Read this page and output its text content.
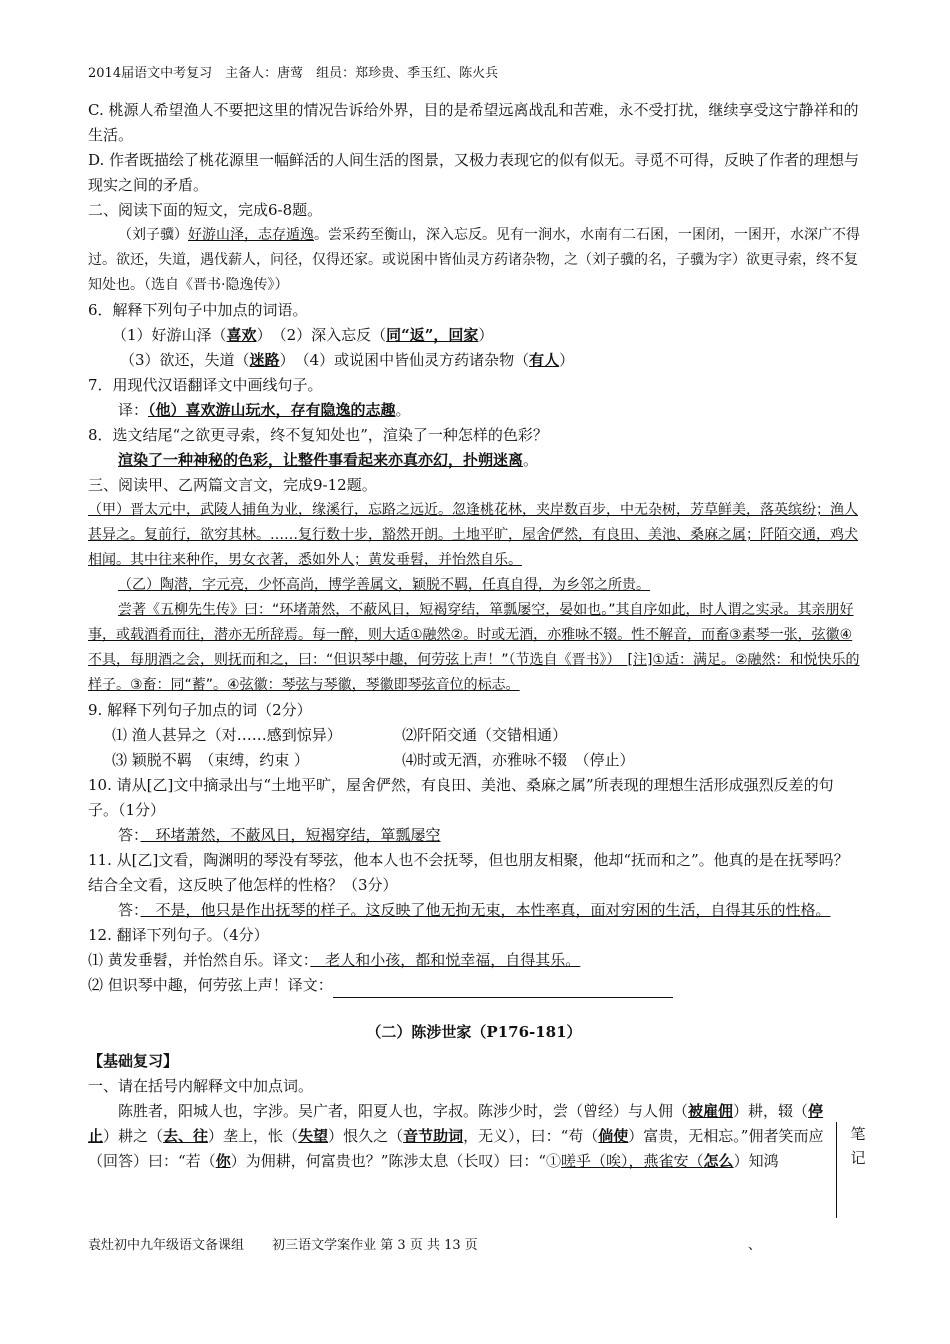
2014届语文中考复习　主备人：唐莺　组员：郑珍贵、季玉红、陈火兵

C. 桃源人希望渔人不要把这里的情况告诉给外界，目的是希望远离战乱和苦难，永不受打扰，继续享受这宁静祥和的生活。

D. 作者既描绘了桃花源里一幅鲜活的人间生活的图景，又极力表现它的似有似无。寻觅不可得，反映了作者的理想与现实之间的矛盾。

二、阅读下面的短文，完成6-8题。

（刘子骥）好游山泽，志存遁逸。尝采药至衡山，深入忘反。见有一涧水，水南有二石囷，一囷闭，一囷开，水深广不得过。欲还，失道，遇伐薪人，问径，仅得还家。或说囷中皆仙灵方药诸杂物，之（刘子骥的名，子骥为字）欲更寻索，终不复知处也。（选自《晋书·隐逸传》）

6．解释下列句子中加点的词语。

（1）好游山泽（喜欢）　（2）深入忘反（同“返”，回家）

（3）欲还，失道（迷路）　（4）或说囷中皆仙灵方药诸杂物（有人）

7．用现代汉语翻译文中画线句子。

译：（他）喜欢游山玩水，存有隐逸的志趣。

8．选文结尾“之欲更寻索，终不复知处也”，渲染了一种怎样的色彩？

渲染了一种神秘的色彩，让整件事看起来亦真亦幻，扑朔迷离。

三、阅读甲、乙两篇文言文，完成9-12题。

（甲）晋太元中，武陵人捕鱼为业，缘溪行，忘路之远近。忽逢桃花林，夹岸数百步，中无杂树，芳草鲜美，落英缤纷；渔人甚异之。复前行，欲穷其林。……复行数十步，豁然开朗。土地平旷，屋舍俨然，有良田、美池、桑麻之属；阡陌交通，鸡犬相闻。其中往来种作，男女衣著，悉如外人；黄发垂髫，并怡然自乐。

（乙）陶潜，字元亮，少怀高尚，博学善属文，颖脱不羁，任真自得，为乡邻之所贵。

尝著《五柳先生传》曰：“环堵萧然，不蔽风日，短褐穿结，箪瓢屡空，晏如也。”其自序如此，时人谓之实录。其亲朋好事，或载酒肴而往，潜亦无所辞焉。每一醉，则大适①融然②。时或无酒，亦雅咏不辍。性不解音，而畜③素琴一张，弦徽④不具，每朋酒之会，则抚而和之，曰：“但识琴中趣，何劳弦上声！”（节选自《晋书》）　[注]①适：满足。②融然：和悦快乐的样子。③畜：同“蓄”。④弦徽：琴弦与琴徽，琴徽即琴弦音位的标志。

9. 解释下列句子加点的词（2分）

⑴ 渔人甚异之（对……感到惊异）	⑵阡陌交通（交错相通）

⑶ 颖脱不羁　（束缚，约束 ）	⑷时或无酒，亦雅咏不辍　（停止）

10. 请从[乙]文中摘录出与“土地平旷，屋舍俨然，有良田、美池、桑麻之属”所表现的理想生活形成强烈反差的句子。（1分）

答：　环堵萧然，不蔽风日，短褐穿结，箪瓢屡空

11. 从[乙]文看，陶渊明的琴没有琴弦，他本人也不会抚琴，但也朋友相聚，他却“抚而和之”。他真的是在抚琴吗？结合全文看，这反映了他怎样的性格？（3分）

答：　不是，他只是作出抚琴的样子。这反映了他无拘无束，本性率真，面对穷困的生活，自得其乐的性格。

12. 翻译下列句子。（4分）

⑴ 黄发垂髫，并怡然自乐。译文：　老人和小孩，都和悦幸福，自得其乐。

⑵ 但识琴中趣，何劳弦上声！译文：

（二）陈涉世家（P176-181）

【基础复习】

一、请在括号内解释文中加点词。

陈胜者，阳城人也，字涉。吴广者，阳夏人也，字叔。陈涉少时，尝（曾经）与人佣（被雇佣）耕，辍（停止）耕之（去、往）垄上，怅（失望）恨久之（音节助词，无义），曰：“苟（倘使）富贵，无相忘。”佣者笑而应（回答）曰：“若（你）为佣耕，何富贵也？”陈涉太息（长叹）曰：“①嗟乎（唉），燕雀安（怎么）知鸿

笔
记
袁灶初中九年级语文备课组 初三语文学案作业 第 3 页 共 13 页	、
